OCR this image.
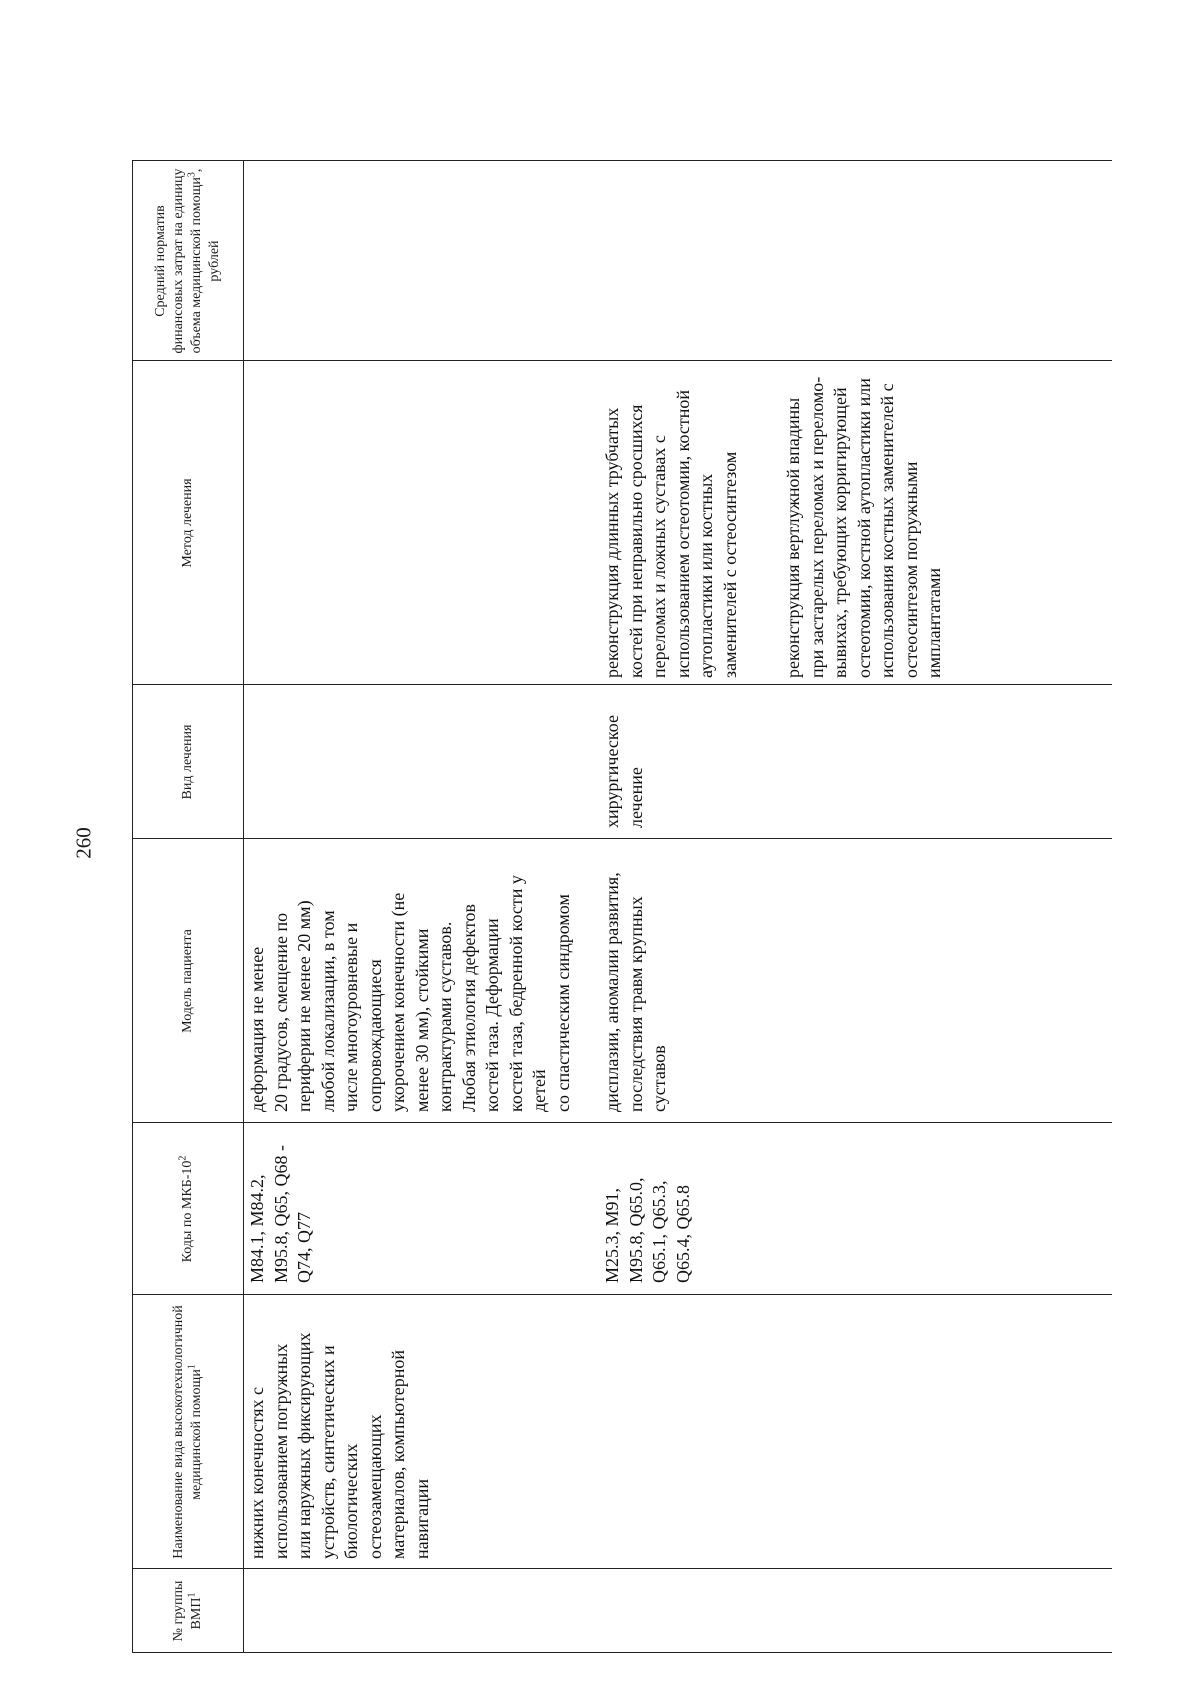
260
№ группы ВМП$^1$
Наименование вида высокотехнологичной медицинской помощи$^1$
Коды по МКБ-$10^2$
Модель пациента
Вид лечения
Метод лечения
Средний норматив финансовых затрат на единицу объема медицинской помощи$^3$, рублей
нижних конечностях с
использованием погружных
или наружных фиксирующих
устройств, синтетических и
биологических
остеозамещающих
материалов, компьютерной
навигации
M84.1, M84.2,
M95.8, Q65, Q68 -
Q74, Q77
деформация не менее
20 градусов, смещение по
периферии не менее 20 мм)
любой локализации, в том
числе многоуровневые и
сопровождающиеся
укорочением конечности (не
менее 30 мм), стойкими
контрактурами суставов.
Любая этиология дефектов
костей таза. Деформации
костей таза, бедренной кости у
детей
со спастическим синдромом
M25.3, M91,
M95.8, Q65.0,
Q65.1, Q65.3,
Q65.4, Q65.8
дисплазии, аномалии развития,
последствия травм крупных
суставов
хирургическое
лечение
реконструкция длинных трубчатых
костей при неправильно сросшихся
переломах и ложных суставах с
использованием остеотомии, костной
аутопластики или костных
заменителей с остеосинтезом
реконструкция вертлужной впадины
при застарелых переломах и переломо-
вывихах, требующих корригирующей
остеотомии, костной аутопластики или
использования костных заменителей с
остеосинтезом погружными
имплантатами
